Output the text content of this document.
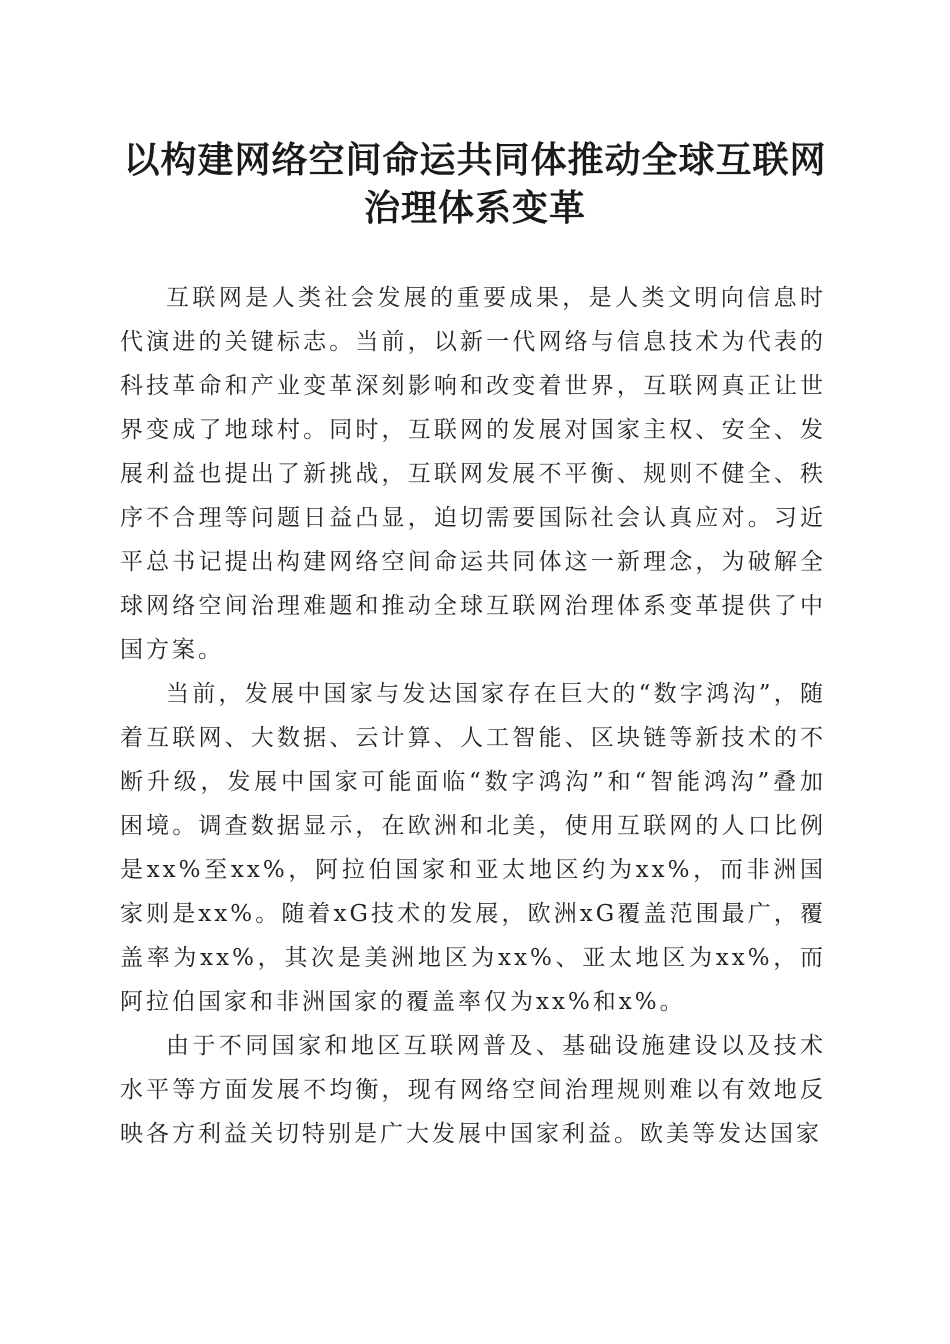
以构建网络空间命运共同体推动全球互联网治理体系变革

互联网是人类社会发展的重要成果，是人类文明向信息时代演进的关键标志。当前，以新一代网络与信息技术为代表的科技革命和产业变革深刻影响和改变着世界，互联网真正让世界变成了地球村。同时，互联网的发展对国家主权、安全、发展利益也提出了新挑战，互联网发展不平衡、规则不健全、秩序不合理等问题日益凸显，迫切需要国际社会认真应对。习近平总书记提出构建网络空间命运共同体这一新理念，为破解全球网络空间治理难题和推动全球互联网治理体系变革提供了中国方案。

当前，发展中国家与发达国家存在巨大的“数字鸿沟”，随着互联网、大数据、云计算、人工智能、区块链等新技术的不断升级，发展中国家可能面临“数字鸿沟”和“智能鸿沟”叠加困境。调查数据显示，在欧洲和北美，使用互联网的人口比例是xx%至xx%，阿拉伯国家和亚太地区约为xx%，而非洲国家则是xx%。随着xG技术的发展，欧洲xG覆盖范围最广，覆盖率为xx%，其次是美洲地区为xx%、亚太地区为xx%，而阿拉伯国家和非洲国家的覆盖率仅为xx%和x%。

由于不同国家和地区互联网普及、基础设施建设以及技术水平等方面发展不均衡，现有网络空间治理规则难以有效地反映各方利益关切特别是广大发展中国家利益。欧美等发达国家
